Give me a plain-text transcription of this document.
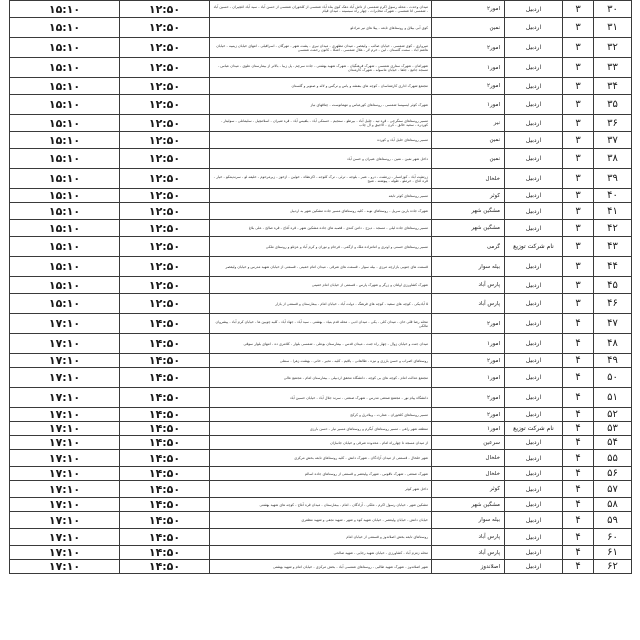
۳۰	۳	اردبیل	امور۲	میدان وحدت - محله رسول اکرم شمسی از داش آباد دهک کوی بناه آباد شمسی از کلحوران شمسی از حسن آباد - سید آباد اغچیران - حسین آباد - شمسی اتا شمسی - شهرک مخابرات - چهار راه سبسینه - میدان قیام	۱۲:۵۰	۱۵:۱۰
۳۱	۳	اردبیل	نمین	کوی آبی بیلاق و روستاهای تابعه - پیلا های نیر مرادلو	۱۲:۵۰	۱۵:۱۰
۳۲	۳	اردبیل	امور۲	میرواری - کوی شمسی - خیابان صائب - ولیعصر - میدان مطهری - میدان نیری - پشت شهر - مهرگان - اسرافیلی - انتهای خیابان زینبیه - خیابان هاشم آباد - سمت گلستان - لین - خرم لار - هلال شمسی - اشکا - کانون رحمت شمسی	۱۲:۵۰	۱۵:۱۰
۳۳	۳	اردبیل	امور۱	شهرامان - شهرک ستاری شمسی - شهرک فرهنگیان - شهرک شهید بهشتی - جاده سرچم - پل زیبا - بالاتر از بیمارستان علوی - میدان عباس - مسجد جامع - جلفا - خیابان ماسوله - شهرک کارمندان	۱۲:۵۰	۱۵:۱۰
۳۴	۳	اردبیل	امور۲	مجتمع شهرک اداری کارشناسان - کوچه های بنفشه و یاس و نرگس و لاله و صنوبر و گلستان	۱۲:۵۰	۱۵:۱۰
۳۵	۳	اردبیل	امور۱	شهرک کوثر ایسپیسا شمسی - روستاهای کورعباس و مهمانوست - چناقهای نیاز	۱۲:۵۰	۱۵:۱۰
۳۶	۳	اردبیل	نیر	مسیر روستاهای سنگرچی - قره تپه - خلیل آباد - بیرطو - سنجیم - حسنکی آباد - بلقیس آباد - قره شیران - اسلامچیل - سلیمانلی - سولیتار - کوردره - سعید خالق - کرن - آلاجیق و آل چاب	۱۲:۵۰	۱۵:۱۰
۳۷	۳	اردبیل	نمین	مسیر روستاهای خلیل آباد و کورده	۱۲:۵۰	۱۵:۱۰
۳۸	۳	اردبیل	نمین	داخل شهر نمین - نمین - روستاهای عنبران و حسن آباد	۱۲:۵۰	۱۵:۱۰
۳۹	۳	اردبیل	خلخال	زرتشت آباد - کوزانسار - زرتشت - درو - عنبر - بلوجه - ترئی - ترک کلوجه - اکزنطاه - خوئین - ازخوز - زیرمرحوم - خلیفه لو - سرندیمکو - خیار - قره آغاچ - خرمئو - طوله - پیوشته - شیخ	۱۲:۵۰	۱۵:۱۰
۴۰	۳	اردبیل	کوثر	مسیر روستاهای کوثر تابعه	۱۲:۵۰	۱۵:۱۰
۴۱	۳	اردبیل	مشگین شهر	شهرک جاده بارین سرپل - روستاهای نوبه - کلیه روستاهای مسیر جاده مشکین شهر به اردبیل	۱۲:۵۰	۱۵:۱۰
۴۲	۳	اردبیل	مشگین شهر	مسیر روستاهای جاده لیلی - مسجد - دیزج - دامن کندی - قصبه های جاده مشکین شهر - قره آغاج - قره صالح - علی بلاغ	۱۲:۵۰	۱۵:۱۰
۴۳	۳	نام شرکت توزیع	گرمی	مسیر روستاهای حسنی و اونری و امامزاده ملک و ازگمی - فرجام و نوران و کرم آباد و عزتلو و روستای ملکی	۱۲:۵۰	۱۵:۱۰
۴۴	۳	اردبیل	بیله سوار	قسمت های جنوبی بازارچه مرزی - بیله سوار - قسمت های شرقی - میدان امام خمینی - قسمتی از خیابان شهید مدرس و خیابان ولیعصر	۱۲:۵۰	۱۵:۱۰
۴۵	۳	اردبیل	پارس آباد	شهرک کشاورزی اولتان و زرگر و شهرک پارس - قسمتی از خیابان امام خمینی	۱۲:۵۰	۱۵:۱۰
۴۶	۳	اردبیل	پارس آباد	۵ آبادیکی - کوچه های سفید - کوچه های فرهنگ - دولت آباد - خیابان امام - بیمارستان و قسمتی از بازار	۱۲:۵۰	۱۵:۱۰
۴۷	۴	اردبیل	امور۲	محله رضا قلی خان - میدان کلی - یکی - میدان ادبی - محله قدم بنیاد - بهشتی - سید آباد - جهاد آباد - کلیه چوبین ها - خیابان کرم آباد - پیشروان مالکی	۱۴:۵۰	۱۷:۱۰
۴۸	۴	اردبیل	امور۱	میدان جنت و خیابان زوال - چهار راه جنت - میدان قدس - بیمارستان بوعلی - شمسی بلوار - کلانتری ده - انتهای بلوار سوقی	۱۴:۵۰	۱۷:۱۰
۴۹	۴	اردبیل	امور۲	روستاهای اصراب و حسن بارزی و نیزه - طالقانی - یاقیم - کلیه - نحیر - خانی - بهشت زهرا - سنتلی	۱۴:۵۰	۱۷:۱۰
۵۰	۴	اردبیل	امور۱	مجتمع عدالت امام - کوچه های بی کوچه - دانشگاه محقق اردبیلی - بیمارستان امام - مجتمع عالی	۱۴:۵۰	۱۷:۱۰
۵۱	۴	اردبیل	امور۲	دانشگاه پیام نور - مجتمع صنعتی مدرس - شهرک صنعتی - سرند جلال آباد - خیابان حسین آباد	۱۴:۵۰	۱۷:۱۰
۵۲	۴	اردبیل	امور۲	مسیر روستاهای کلخوران - عمارت - ویلادرق و کرکج	۱۴:۵۰	۱۷:۱۰
۵۳	۴	نام شرکت توزیع	امور۱	منطقه شهر راهی - مسیر روستاهای آبگرم و روستاهای مسیر نیار - حسن بارزی	۱۴:۵۰	۱۷:۱۰
۵۴	۴	اردبیل	سرعین	از میدان مسجد تا چهارراه امام - محدوده شرقی و خیابان جانبازان	۱۴:۵۰	۱۷:۱۰
۵۵	۴	اردبیل	خلخال	شهر خلخال - قسمتی از میدان آزادگان - شهرک دانش - کلیه روستاهای تابعه بخش مرکزی	۱۴:۵۰	۱۷:۱۰
۵۶	۴	اردبیل	خلخال	شهرک صنعتی - شهرک ناقوس - شهرک ولیعصر و قسمتی از روستاهای جاده اسالم	۱۴:۵۰	۱۷:۱۰
۵۷	۴	اردبیل	کوثر	داخل شهر کوثر	۱۴:۵۰	۱۷:۱۰
۵۸	۴	اردبیل	مشگین شهر	مشکین شهر - خیابان رسول اکرم - ملکی - آزادگان - امام - بیمارستان - میدان قره آغاج - کوچه های شهید بهشتی	۱۴:۵۰	۱۷:۱۰
۵۹	۴	اردبیل	بیله سوار	خیابان دانش - خیابان ولیعصر - خیابان شهید کوه و شهر - شهید نجفی و شهید مظفری	۱۴:۵۰	۱۷:۱۰
۶۰	۴	اردبیل	پارس آباد	روستاهای تابعه بخش اصلاندوز و قسمتی از خیابان امام	۱۴:۵۰	۱۷:۱۰
۶۱	۴	اردبیل	پارس آباد	محله زمزم آباد - کشاورزی - خیابان شهید رجایی - شهید صالحی	۱۴:۵۰	۱۷:۱۰
۶۲	۴	اردبیل	اصلاندوز	شهر اصلاندوز - شهرک شهید طالبی - روستاهای شمسی آباد - بخش مرکزی - خیابان امام و شهید بهشتی	۱۴:۵۰	۱۷:۱۰
